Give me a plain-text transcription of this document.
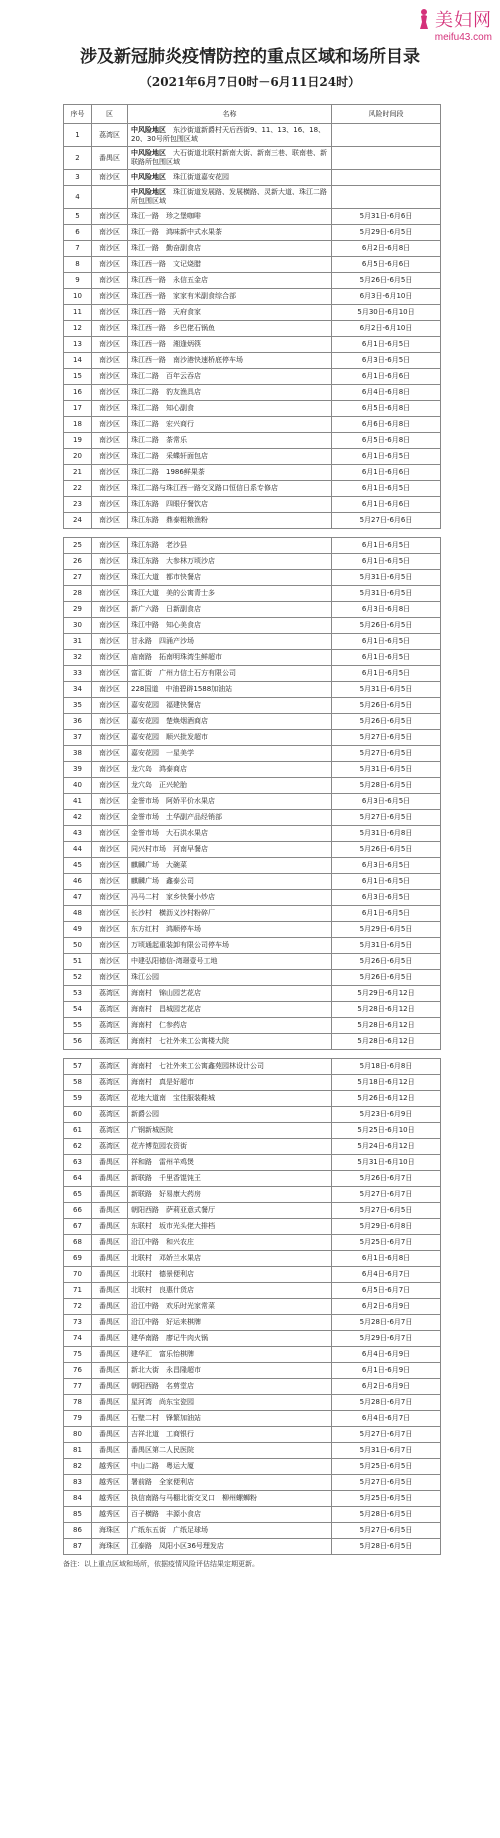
美妇网
meifu43.com
涉及新冠肺炎疫情防控的重点区域和场所目录
（2021年6月7日0时－6月11日24时）
序号	区	名称	风险时间段
1	荔湾区	中风险地区　 东沙街道新爵村天后西街9、11、13、16、18、20、30号所包围区域	
2	番禺区	中风险地区　 大石街道北联村新南大街、新南三巷、联南巷、新联路所包围区域	
3	南沙区	中风险地区　 珠江街道嘉安花园	
4		中风险地区　 珠江街道发展路、发展横路、灵新大道、珠江二路所包围区域	
5	南沙区	珠江一路　珍之堡咖啡	5月31日-6月6日
6	南沙区	珠江一路　鸿味新中式水果茶	5月29日-6月5日
7	南沙区	珠江一路　勤奋副食店	6月2日-6月8日
8	南沙区	珠江西一路　文记烧腊	6月5日-6月6日
9	南沙区	珠江西一路　永信五金店	5月26日-6月5日
10	南沙区	珠江西一路　家家有米副食综合部	6月3日-6月10日
11	南沙区	珠江西一路　天府食家	5月30日-6月10日
12	南沙区	珠江西一路　乡巴佬石锅鱼	6月2日-6月10日
13	南沙区	珠江西一路　湘逢炳筷	6月1日-6月5日
14	南沙区	珠江西一路　南沙港快速桥底停车场	6月3日-6月5日
15	南沙区	珠江二路　百年云吞店	6月1日-6月6日
16	南沙区	珠江二路　豹友渔具店	6月4日-6月8日
17	南沙区	珠江二路　知心副食	6月5日-6月8日
18	南沙区	珠江二路　宏兴商行	6月6日-6月8日
19	南沙区	珠江二路　茶常乐	6月5日-6月8日
20	南沙区	珠江二路　采蝶轩面包店	6月1日-6月5日
21	南沙区	珠江二路　1986鲜果茶	6月1日-6月6日
22	南沙区	珠江二路与珠江西一路交叉路口恒信日系专修店	6月1日-6月5日
23	南沙区	珠江东路　四眼仔餐饮店	6月1日-6月6日
24	南沙区	珠江东路　鼎泰粗粮渔粉	5月27日-6月6日

25	南沙区	珠江东路　老沙县	6月1日-6月5日
26	南沙区	珠江东路　大参林万顷沙店	6月1日-6月5日
27	南沙区	珠江大道　都市快餐店	5月31日-6月5日
28	南沙区	珠江大道　美的公寓青士多	5月31日-6月5日
29	南沙区	新广六路　日新副食店	6月3日-6月8日
30	南沙区	珠江中路　知心美食店	5月26日-6月5日
31	南沙区	甘永路　四涌产沙场	6月1日-6月5日
32	南沙区	庙南路　拓南明珠湾生鲜超市	6月1日-6月5日
33	南沙区	富汇街　广州力信土石方有限公司	6月1日-6月5日
34	南沙区	228国道　中油碧辟1588加油站	5月31日-6月5日
35	南沙区	嘉安花园　福建快餐店	5月26日-6月5日
36	南沙区	嘉安花园　楚焕烟酒商店	5月26日-6月5日
37	南沙区	嘉安花园　顺兴批发超市	5月27日-6月5日
38	南沙区	嘉安花园　一星美学	5月27日-6月5日
39	南沙区	龙穴岛　鸿泰商店	5月31日-6月5日
40	南沙区	龙穴岛　正兴轮胎	5月28日-6月5日
41	南沙区	金誉市场　阿娇平价水果店	6月3日-6月5日
42	南沙区	金誉市场　土华副产品经销部	5月27日-6月5日
43	南沙区	金誉市场　大石洪水果店	5月31日-6月8日
44	南沙区	同兴村市场　河南早餐店	5月26日-6月5日
45	南沙区	麒麟广场　大碗菜	6月3日-6月5日
46	南沙区	麒麟广场　鑫泰公司	6月1日-6月5日
47	南沙区	冯马二村　家乡快餐小炒店	6月3日-6月5日
48	南沙区	长沙村　横沥义沙村粉碎厂	6月1日-6月5日
49	南沙区	东方红村　鸿顺停车场	5月29日-6月5日
50	南沙区	万顷通起重装卸有限公司停车场	5月31日-6月5日
51	南沙区	中建弘阳德信-湾璟壹号工地	5月26日-6月5日
52	南沙区	珠江公园	5月26日-6月5日
53	荔湾区	海南村　锦山园艺花店	5月29日-6月12日
54	荔湾区	海南村　昌城园艺花店	5月28日-6月12日
55	荔湾区	海南村　仁参药店	5月28日-6月12日
56	荔湾区	海南村　七社外来工公寓楼大院	5月28日-6月12日

57	荔湾区	海南村　七社外来工公寓鑫苑园林设计公司	5月18日-6月8日
58	荔湾区	海南村　真是好超市	5月18日-6月12日
59	荔湾区	花地大道南　宝佳服装鞋城	5月26日-6月12日
60	荔湾区	新爵公园	5月23日-6月9日
61	荔湾区	广钢新城医院	5月25日-6月10日
62	荔湾区	花卉博览园农资街	5月24日-6月12日
63	番禺区	祥和路　雷州羊鸡煲	5月31日-6月10日
64	番禺区	新联路　千里香馄饨王	5月26日-6月7日
65	番禺区	新联路　好易康大药房	5月27日-6月7日
66	番禺区	朝阳西路　萨莉亚意式餐厅	5月27日-6月5日
67	番禺区	东联村　坂市光头佬大排档	5月29日-6月8日
68	番禺区	沿江中路　和兴农庄	5月25日-6月7日
69	番禺区	北联村　邓娇兰水果店	6月1日-6月8日
70	番禺区	北联村　德景便利店	6月4日-6月7日
71	番禺区	北联村　良惠什货店	6月5日-6月7日
72	番禺区	沿江中路　欢乐时光家常菜	6月2日-6月9日
73	番禺区	沿江中路　好运来棋牌	5月28日-6月7日
74	番禺区	建华南路　廖记牛肉火锅	5月29日-6月7日
75	番禺区	建华汇　富乐怡棋牌	6月4日-6月9日
76	番禺区	新北大街　永昌隆超市	6月1日-6月9日
77	番禺区	朝阳西路　名剪堂店	6月2日-6月9日
78	番禺区	星河湾　尚东宝瓷园	5月28日-6月7日
79	番禺区	石壁二村　锋繁加油站	6月4日-6月7日
80	番禺区	吉祥北道　工商银行	5月27日-6月7日
81	番禺区	番禺区第二人民医院	5月31日-6月7日
82	越秀区	中山二路　粤运大厦	5月25日-6月5日
83	越秀区	署前路　全家便利店	5月27日-6月5日
84	越秀区	执信南路与马棚北街交叉口　柳州螺蛳粉	5月25日-6月5日
85	越秀区	百子横路　丰源小食店	5月28日-6月5日
86	海珠区	广纸东五街　广纸足球场	5月27日-6月5日
87	海珠区	江泰路　凤阳小区36号理发店	5月28日-6月5日
备注：以上重点区域和场所，依据疫情风险评估结果定期更新。
